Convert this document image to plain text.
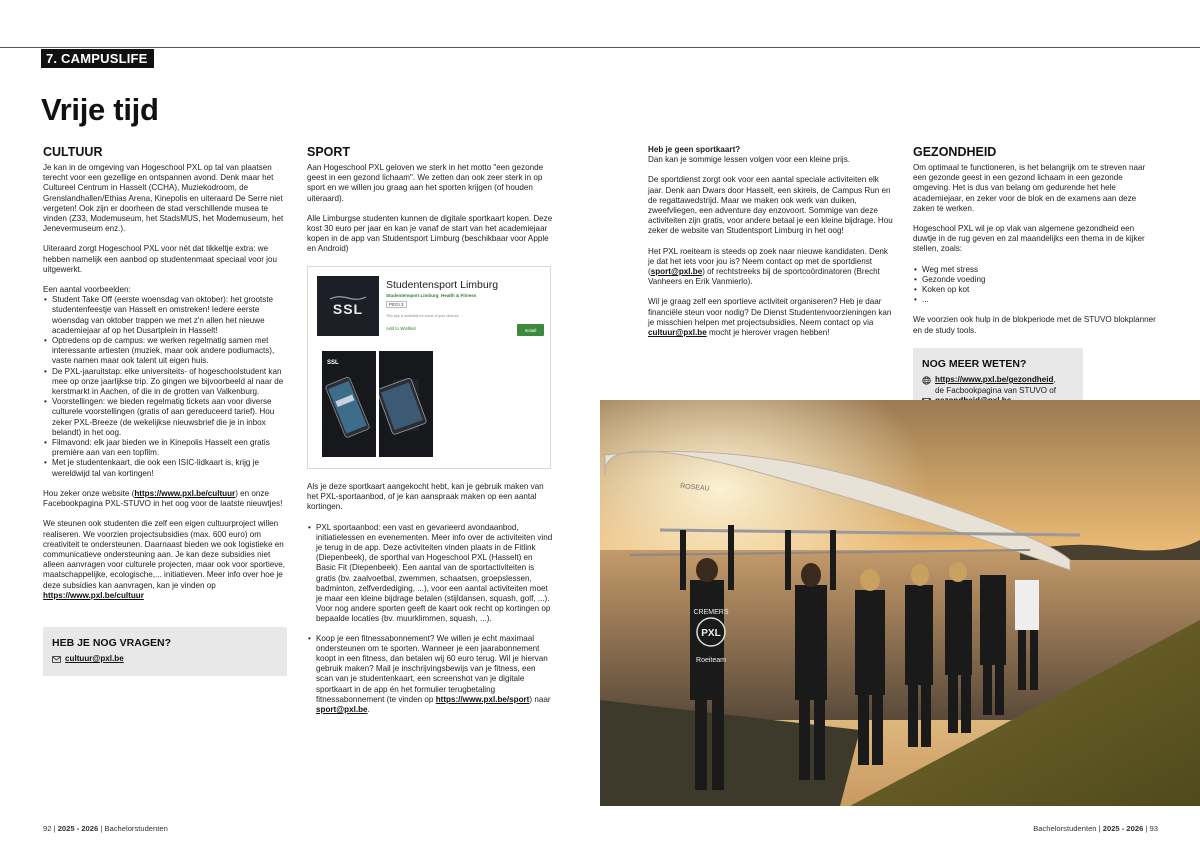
7. CAMPUSLIFE
Vrije tijd
CULTUUR

Je kan in de omgeving van Hogeschool PXL op tal van plaatsen terecht voor een gezellige en ontspannen avond. Denk maar het Cultureel Centrum in Hasselt (CCHA), Muziekodroom, de Grenslandhallen/Ethias Arena, Kinepolis en uiteraard De Serre niet vergeten! Ook zijn er doorheen de stad verschillende musea te vinden (Z33, Modemuseum, het StadsMUS, het Modemuseum, het Jenevermuseum enz.).

Uiteraard zorgt Hogeschool PXL voor nét dat tikkeltje extra: we hebben namelijk een aanbod op studentenmaat speciaal voor jou uitgewerkt.

Een aantal voorbeelden:
• Student Take Off (eerste woensdag van oktober): het grootste studentenfeestje van Hasselt en omstreken! Iedere eerste woensdag van oktober trappen we met z'n allen het nieuwe academiejaar af op het Dusartplein in Hasselt!
• Optredens op de campus: we werken regelmatig samen met interessante artiesten (muziek, maar ook andere podiumacts), vaste namen maar ook talent uit eigen huis.
• De PXL-jaaruitstap: elke universiteits- of hogeschoolstudent kan mee op onze jaarlijkse trip. Zo gingen we bijvoorbeeld al naar de kerstmarkt in Aachen, of die in de grotten van Valkenburg.
• Voorstellingen: we bieden regelmatig tickets aan voor diverse culturele voorstellingen (gratis of aan gereduceerd tarief). Hou zeker PXL-Breeze (de wekelijkse nieuwsbrief die je in inbox belandt) in het oog.
• Filmavond: elk jaar bieden we in Kinepolis Hasselt een gratis première aan van een topfilm.
• Met je studentenkaart, die ook een ISIC-lidkaart is, krijg je wereldwijd tal van kortingen!

Hou zeker onze website (https://www.pxl.be/cultuur) en onze Facebookpagina PXL-STUVO in het oog voor de laatste nieuwtjes!

We steunen ook studenten die zelf een eigen cultuurproject willen realiseren. We voorzien projectsubsidies (max. 600 euro) om creativiteit te ondersteunen. Daarnaast bieden we ook logistieke en communicatieve ondersteuning aan. Je kan deze subsidies niet alleen aanvragen voor culturele projecten, maar ook voor sportieve, maatschappelijke, ecologische,... initiatieven. Meer info over hoe je deze subsidies kan aanvragen, kan je vinden op
https://www.pxl.be/cultuur

HEB JE NOG VRAGEN?
cultuur@pxl.be
SPORT

Aan Hogeschool PXL geloven we sterk in het motto "een gezonde geest in een gezond lichaam". We zetten dan ook zeer sterk in op sport en we willen jou graag aan het sporten krijgen (of houden uiteraard).

Alle Limburgse studenten kunnen de digitale sportkaart kopen. Deze kost 30 euro per jaar en kan je vanaf de start van het academiejaar kopen in de app van Studentsport Limburg (beschikbaar voor Apple en Android)

SSL
Studentensport Limburg
Studentensport Limburg Health & Fitness
PEGI 3
This app is available for some of your devices
Add to Wishlist	Install
SSL

Als je deze sportkaart aangekocht hebt, kan je gebruik maken van het PXL-sportaanbod, of je kan aanspraak maken op een aantal kortingen.

• PXL sportaanbod: een vast en gevarieerd avondaanbod, initiatielessen en evenementen. Meer info over de activiteiten vind je terug in de app. Deze activiteiten vinden plaats in de Fitlink (Diepenbeek), de sporthal van Hogeschool PXL (Hasselt) en Basic Fit (Diepenbeek). Een aantal van de sportactiviteiten is gratis (bv. zaalvoetbal, zwemmen, schaatsen, groepslessen, badminton, zelfverdediging, ...), voor een aantal activiteiten moet je maar een kleine bijdrage betalen (stijldansen, squash, golf, ...). Voor nog andere sporten geeft de kaart ook recht op kortingen op bepaalde locaties (bv. muurklimmen, squash, ...).
• Koop je een fitnessabonnement? We willen je echt maximaal ondersteunen om te sporten. Wanneer je een jaarabonnement koopt in een fitness, dan betalen wij 60 euro terug. Wil je hiervan gebruik maken? Mail je inschrijvingsbewijs van je fitness, een scan van je studentenkaart, een screenshot van je digitale sportkaart in de app én het formulier terugbetaling fitnessabonnement (te vinden op https://www.pxl.be/sport) naar sport@pxl.be.
Heb je geen sportkaart?

Dan kan je sommige lessen volgen voor een kleine prijs.

De sportdienst zorgt ook voor een aantal speciale activiteiten elk jaar. Denk aan Dwars door Hasselt, een skireis, de Campus Run en de regattawedstrijd. Maar we maken ook werk van duiken, zweefvliegen, een adventure day enzovoort. Sommige van deze activiteiten zijn gratis, voor andere betaal je een kleine bijdrage. Hou zeker de website van Studentsport Limburg in het oog!

Het PXL roeiteam is steeds op zoek naar nieuwe kandidaten. Denk je dat het iets voor jou is? Neem contact op met de sportdienst (sport@pxl.be) of rechtstreeks bij de sportcoördinatoren (Brecht Vanheers en Erik Vanmierlo).

Wil je graag zelf een sportieve activiteit organiseren? Heb je daar financiële steun voor nodig? De Dienst Studentenvoorzieningen kan je misschien helpen met projectsubsidies. Neem contact op via cultuur@pxl.be mocht je hierover vragen hebben!

GEZONDHEID

Om optimaal te functioneren, is het belangrijk om te streven naar een gezonde geest in een gezond lichaam in een gezonde omgeving. Het is dus van belang om gedurende het hele academiejaar, en zeker voor de blok en de examens aan deze zaken te werken.

Hogeschool PXL wil je op vlak van algemene gezondheid een duwtje in de rug geven en zal maandelijks een thema in de kijker stellen, zoals:

• Weg met stress
• Gezonde voeding
• Koken op kot
• ...

We voorzien ook hulp in de blokperiode met de STUVO blokplanner en de study tools.

NOG MEER WETEN?
https://www.pxl.be/gezondheid,
de Facbookpagina van STUVO of
PXL
Roeiteam
CREMERS
ROSEAU
92 | 2025 - 2026 | Bachelorstudenten	Bachelorstudenten | 2025 - 2026 | 93
